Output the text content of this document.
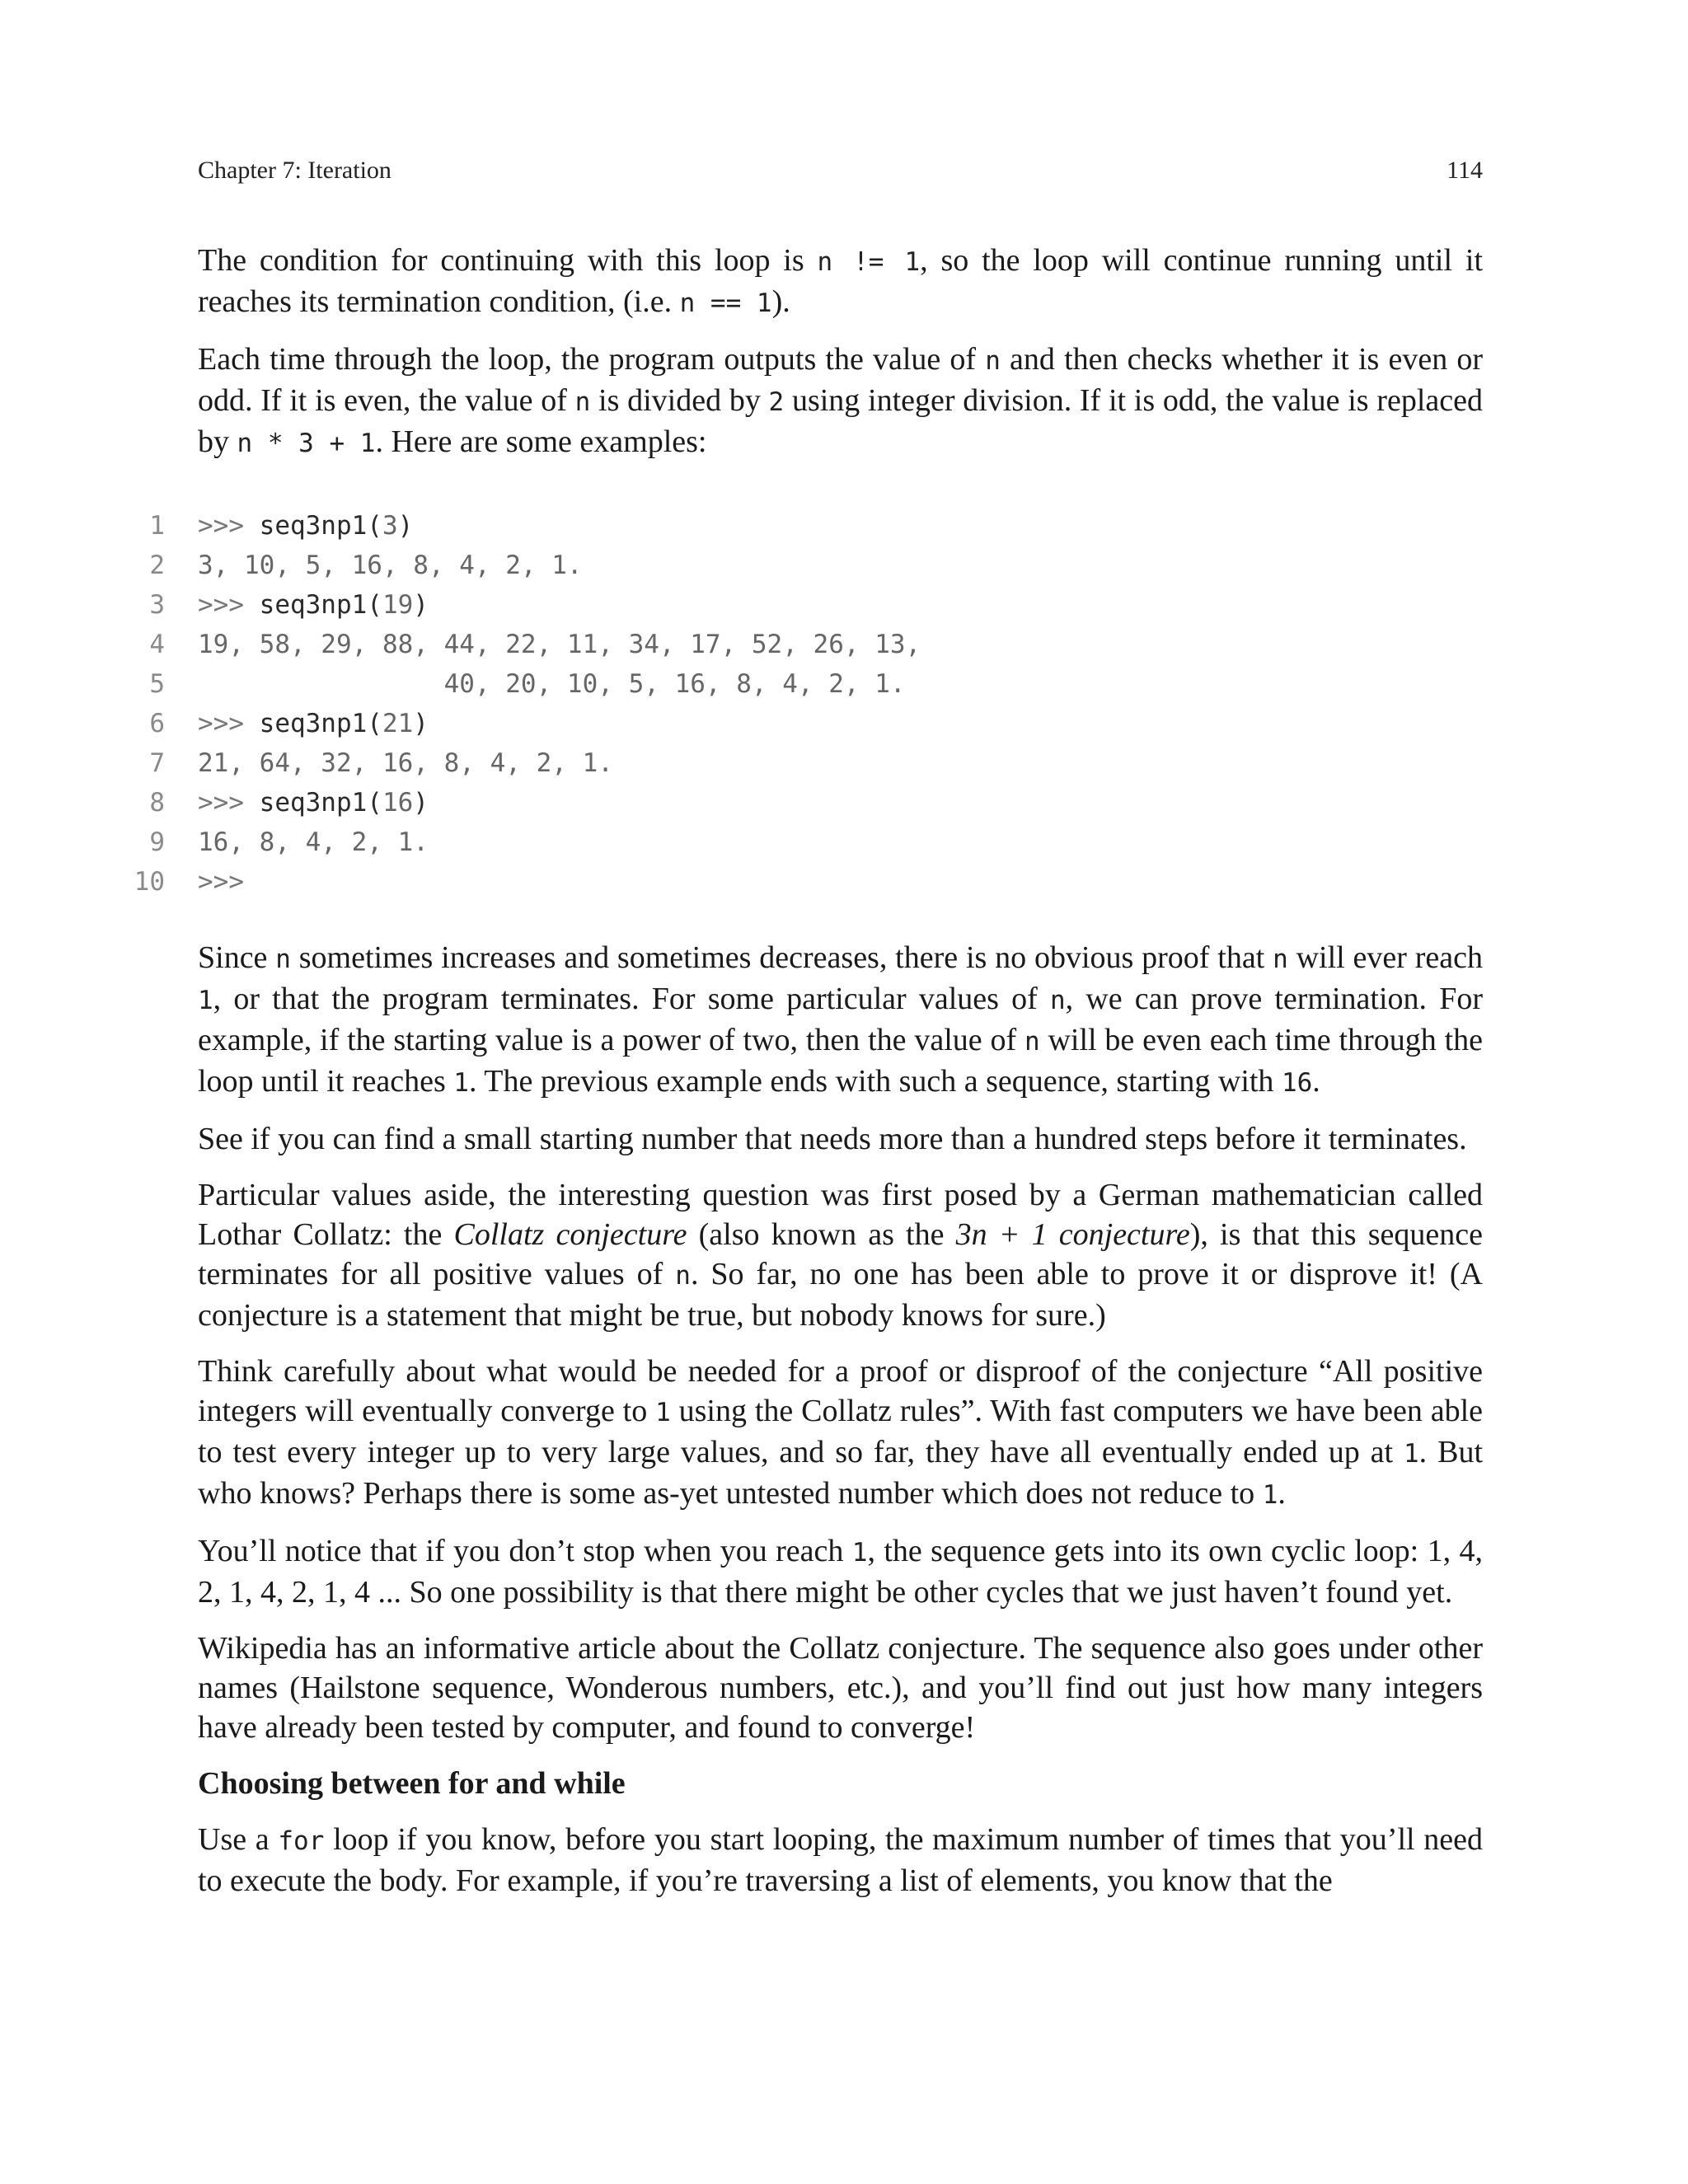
Chapter 7: Iteration	114

The condition for continuing with this loop is n != 1, so the loop will continue running until it reaches its termination condition, (i.e. n == 1).

Each time through the loop, the program outputs the value of n and then checks whether it is even or odd. If it is even, the value of n is divided by 2 using integer division. If it is odd, the value is replaced by n * 3 + 1. Here are some examples:

1 >>> seq3np1(3)
2 3, 10, 5, 16, 8, 4, 2, 1.
3 >>> seq3np1(19)
4 19, 58, 29, 88, 44, 22, 11, 34, 17, 52, 26, 13,
5 40, 20, 10, 5, 16, 8, 4, 2, 1.
6 >>> seq3np1(21)
7 21, 64, 32, 16, 8, 4, 2, 1.
8 >>> seq3np1(16)
9 16, 8, 4, 2, 1.
10 >>>

Since n sometimes increases and sometimes decreases, there is no obvious proof that n will ever reach 1, or that the program terminates. For some particular values of n, we can prove termination. For example, if the starting value is a power of two, then the value of n will be even each time through the loop until it reaches 1. The previous example ends with such a sequence, starting with 16.

See if you can find a small starting number that needs more than a hundred steps before it terminates.

Particular values aside, the interesting question was first posed by a German mathematician called Lothar Collatz: the Collatz conjecture (also known as the 3n + 1 conjecture), is that this sequence terminates for all positive values of n. So far, no one has been able to prove it or disprove it! (A conjecture is a statement that might be true, but nobody knows for sure.)

Think carefully about what would be needed for a proof or disproof of the conjecture “All positive integers will eventually converge to 1 using the Collatz rules”. With fast computers we have been able to test every integer up to very large values, and so far, they have all eventually ended up at 1. But who knows? Perhaps there is some as-yet untested number which does not reduce to 1.

You’ll notice that if you don’t stop when you reach 1, the sequence gets into its own cyclic loop: 1, 4, 2, 1, 4, 2, 1, 4 ... So one possibility is that there might be other cycles that we just haven’t found yet.

Wikipedia has an informative article about the Collatz conjecture. The sequence also goes under other names (Hailstone sequence, Wonderous numbers, etc.), and you’ll find out just how many integers have already been tested by computer, and found to converge!

Choosing between for and while

Use a for loop if you know, before you start looping, the maximum number of times that you’ll need to execute the body. For example, if you’re traversing a list of elements, you know that the
